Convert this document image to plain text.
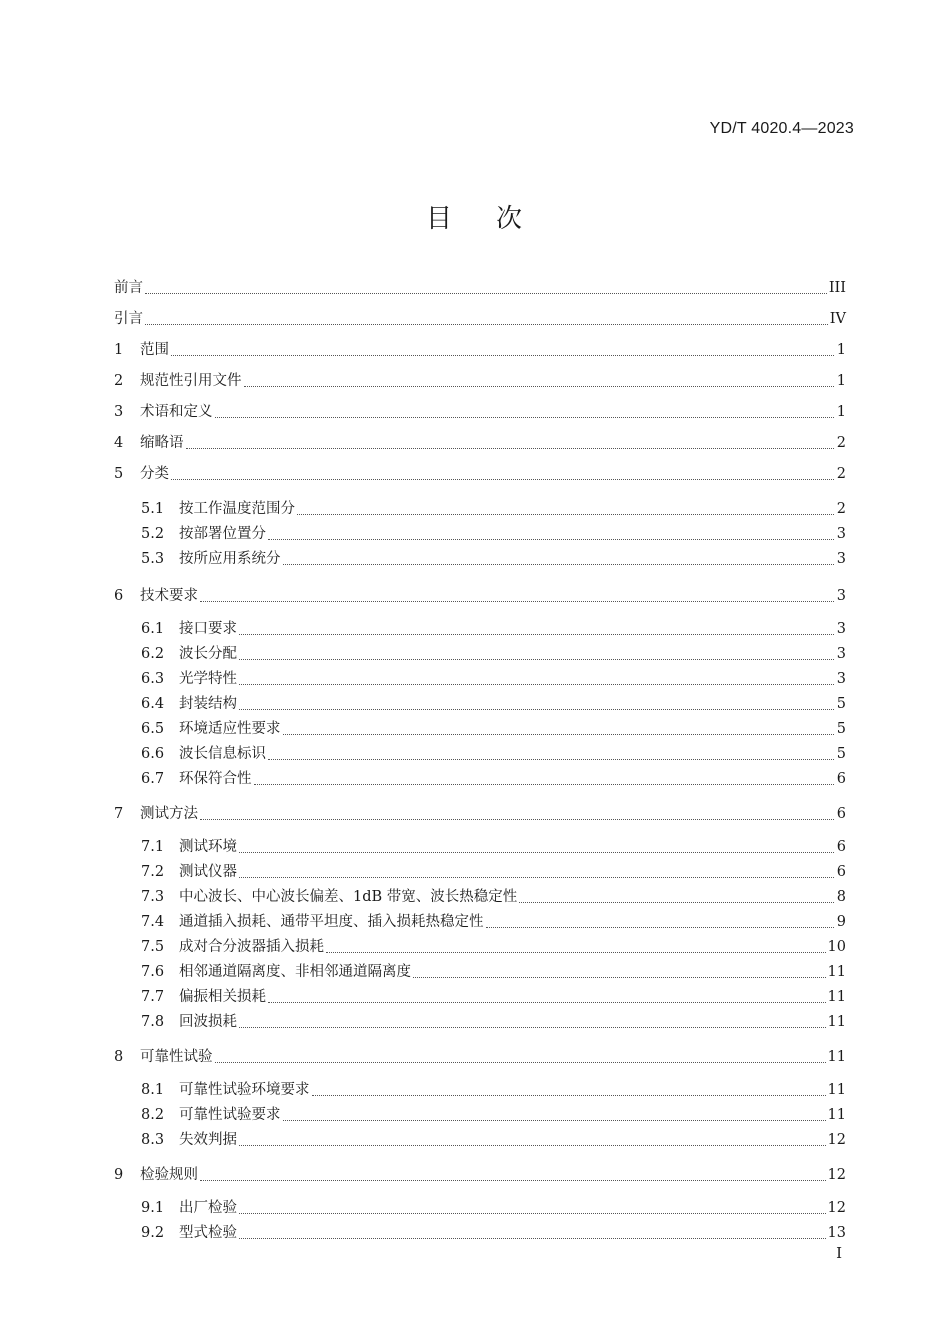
YD/T 4020.4—2023
目 次
前言	III
引言	IV
1	范围	1
2	规范性引用文件	1
3	术语和定义	1
4	缩略语	2
5	分类	2
5.1	按工作温度范围分	2
5.2	按部署位置分	3
5.3	按所应用系统分	3
6	技术要求	3
6.1	接口要求	3
6.2	波长分配	3
6.3	光学特性	3
6.4	封装结构	5
6.5	环境适应性要求	5
6.6	波长信息标识	5
6.7	环保符合性	6
7	测试方法	6
7.1	测试环境	6
7.2	测试仪器	6
7.3	中心波长、中心波长偏差、1dB 带宽、波长热稳定性	8
7.4	通道插入损耗、通带平坦度、插入损耗热稳定性	9
7.5	成对合分波器插入损耗	10
7.6	相邻通道隔离度、非相邻通道隔离度	11
7.7	偏振相关损耗	11
7.8	回波损耗	11
8	可靠性试验	11
8.1	可靠性试验环境要求	11
8.2	可靠性试验要求	11
8.3	失效判据	12
9	检验规则	12
9.1	出厂检验	12
9.2	型式检验	13
I
